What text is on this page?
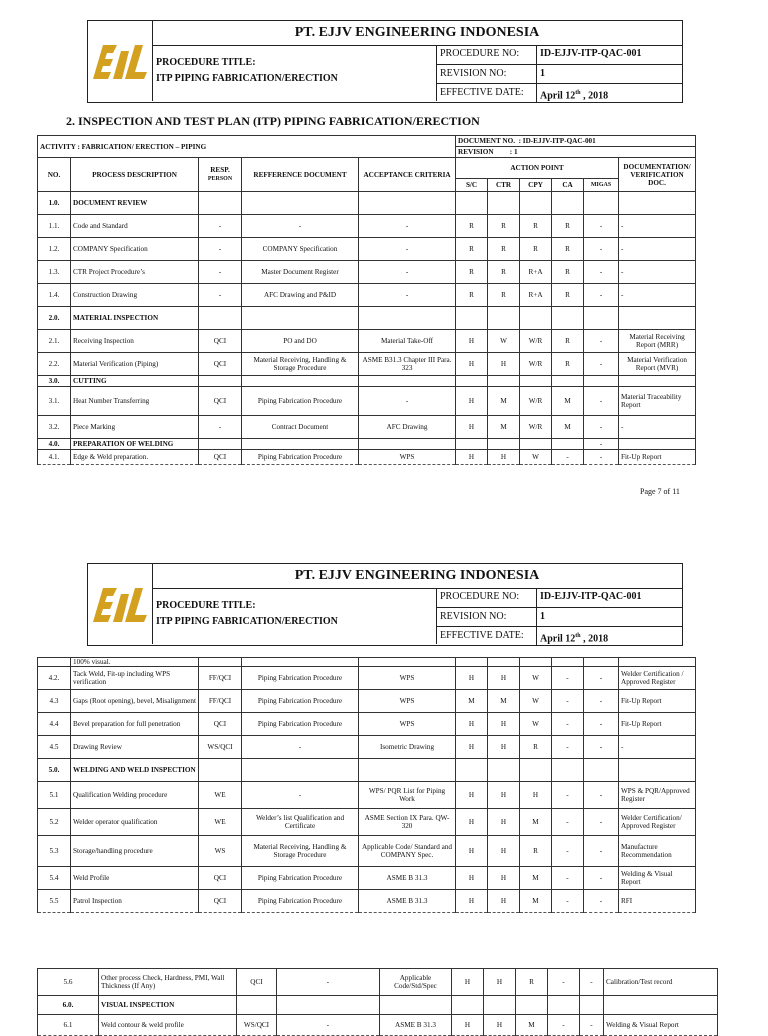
PT. EJJV ENGINEERING INDONESIA
PROCEDURE TITLE:
ITP PIPING FABRICATION/ERECTION
PROCEDURE NO:	ID-EJJV-ITP-QAC-001
REVISION NO:	1
EFFECTIVE DATE:	April 12th , 2018
2. INSPECTION AND TEST PLAN (ITP) PIPING FABRICATION/ERECTION
ACTIVITY : FABRICATION/ ERECTION – PIPING					DOCUMENT NO. : ID-EJJV-ITP-QAC-001					
					REVISION : 1					
NO.	PROCESS DESCRIPTION	RESP.
PERSON	REFFERENCE DOCUMENT	ACCEPTANCE CRITERIA	ACTION POINT					DOCUMENTATION/ VERIFICATION DOC.
					S/C	CTR	CPY	CA	MIGAS	
1.0.	DOCUMENT REVIEW									
1.1.	Code and Standard	-	-	-	R	R	R	R	-	-
1.2.	COMPANY Specification	-	COMPANY Specification	-	R	R	R	R	-	-
1.3.	CTR Project Procedure’s	-	Master Document Register	-	R	R	R+A	R	-	-
1.4.	Construction Drawing	-	AFC Drawing and P&ID	-	R	R	R+A	R	-	-
2.0.	MATERIAL INSPECTION									
2.1.	Receiving Inspection	QCI	PO and DO	Material Take-Off	H	W	W/R	R	-	Material Receiving Report (MRR)
2.2.	Material Verification (Piping)	QCI	Material Receiving, Handling & Storage Procedure	ASME B31.3 Chapter III Para. 323	H	H	W/R	R	-	Material Verification Report (MVR)
3.0.	CUTTING									
3.1.	Heat Number Transferring	QCI	Piping Fabrication Procedure	-	H	M	W/R	M	-	Material Traceability Report
3.2.	Piece Marking	-	Contract Document	AFC Drawing	H	M	W/R	M	-	-
4.0.	PREPARATION OF WELDING								-	
4.1.	Edge & Weld preparation.	QCI	Piping Fabrication Procedure	WPS	H	H	W	-	-	Fit-Up Report
Page 7 of 11
PT. EJJV ENGINEERING INDONESIA
PROCEDURE TITLE:
ITP PIPING FABRICATION/ERECTION
PROCEDURE NO:	ID-EJJV-ITP-QAC-001
REVISION NO:	1
EFFECTIVE DATE:	April 12th , 2018
	100% visual.									
4.2.	Tack Weld, Fit-up including WPS verification	FF/QCI	Piping Fabrication Procedure	WPS	H	H	W	-	-	Welder Certification / Approved Register
4.3	Gaps (Root opening), bevel, Misalignment	FF/QCI	Piping Fabrication Procedure	WPS	M	M	W	-	-	Fit-Up Report
4.4	Bevel preparation for full penetration	QCI	Piping Fabrication Procedure	WPS	H	H	W	-	-	Fit-Up Report
4.5	Drawing Review	WS/QCI	-	Isometric Drawing	H	H	R	-	-	-
5.0.	WELDING AND WELD INSPECTION									
5.1	Qualification Welding procedure	WE	-	WPS/ PQR List for Piping Work	H	H	H	-	-	WPS & PQR/Approved Register
5.2	Welder operator qualification	WE	Welder’s list Qualification and Certificate	ASME Section IX Para. QW-320	H	H	M	-	-	Welder Certification/ Approved Register
5.3	Storage/handling procedure	WS	Material Receiving, Handling & Storage Procedure	Applicable Code/ Standard and COMPANY Spec.	H	H	R	-	-	Manufacture Recommendation
5.4	Weld Profile	QCI	Piping Fabrication Procedure	ASME B 31.3	H	H	M	-	-	Welding & Visual Report
5.5	Patrol Inspection	QCI	Piping Fabrication Procedure	ASME B 31.3	H	H	M	-	-	RFI
5.6	Other process Check, Hardness, PMI, Wall Thickness (If Any)	QCI	-	Applicable Code/Std/Spec	H	H	R	-	-	Calibration/Test record
6.0.	VISUAL INSPECTION									
6.1	Weld contour & weld profile	WS/QCI	-	ASME B 31.3	H	H	M	-	-	Welding & Visual Report
